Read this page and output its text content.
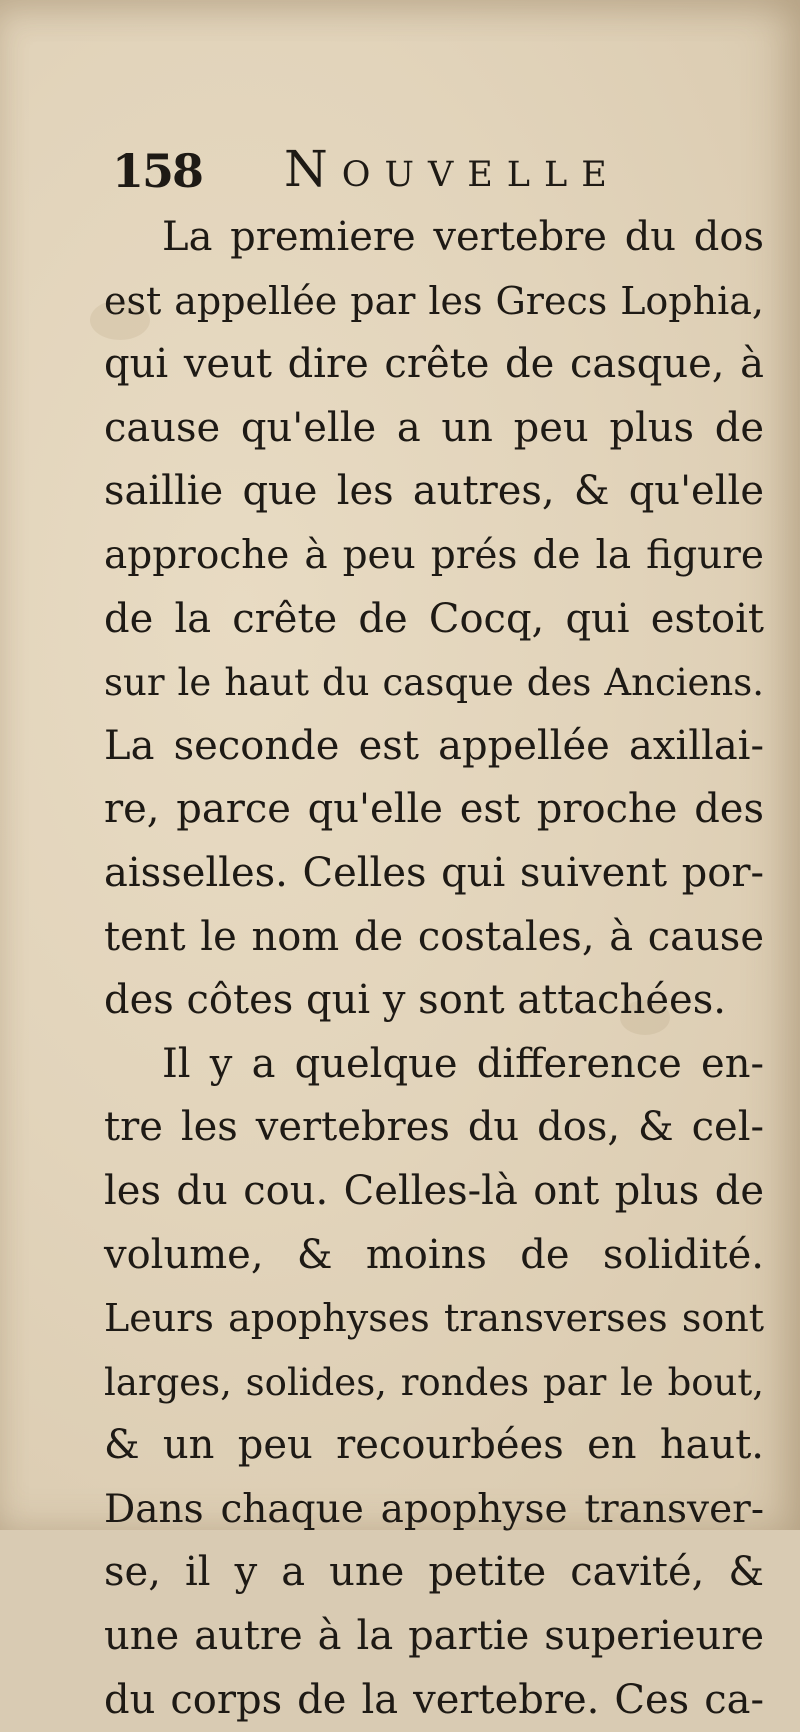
158 Nouvelle
La premiere vertebre du dos
est appellée par les Grecs Lophia,
qui veut dire crête de casque, à
cause qu'elle a un peu plus de
saillie que les autres, & qu'elle
approche à peu prés de la figure
de la crête de Cocq, qui estoit
sur le haut du casque des Anciens.
La seconde est appellée axillai-
re, parce qu'elle est proche des
aisselles. Celles qui suivent por-
tent le nom de costales, à cause
des côtes qui y sont attachées.
Il y a quelque difference en-
tre les vertebres du dos, & cel-
les du cou. Celles-là ont plus de
volume, & moins de solidité.
Leurs apophyses transverses sont
larges, solides, rondes par le bout,
& un peu recourbées en haut.
Dans chaque apophyse transver-
se, il y a une petite cavité, &
une autre à la partie superieure
du corps de la vertebre. Ces ca-
